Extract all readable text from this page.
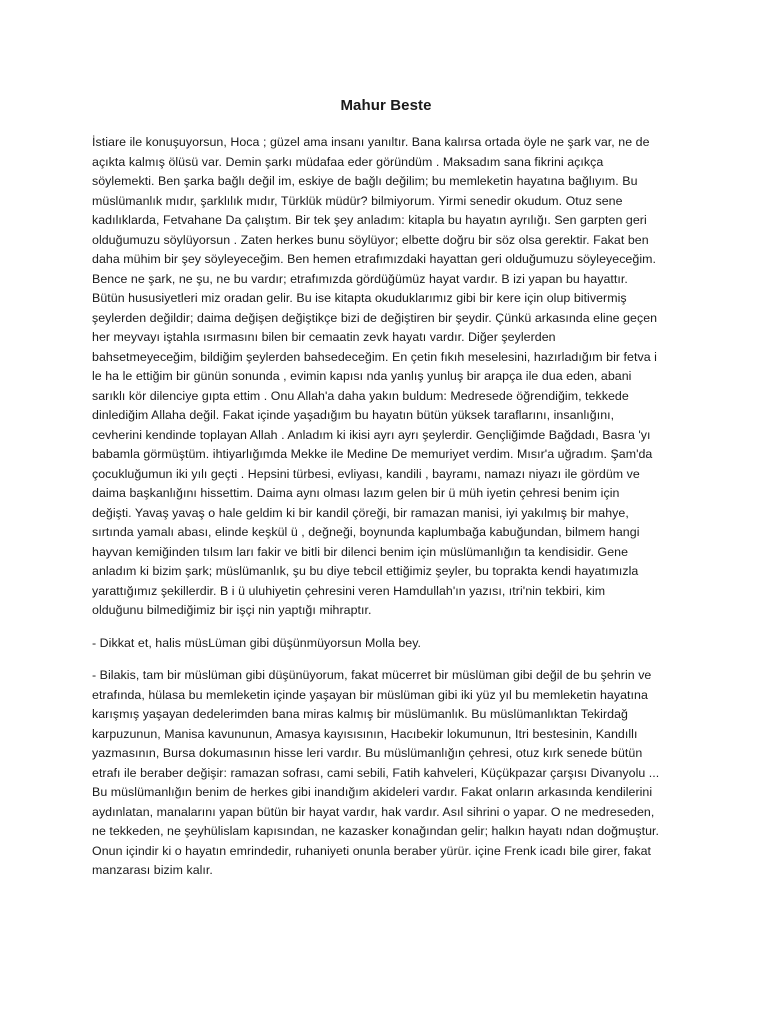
Mahur Beste

İstiare ile konuşuyorsun, Hoca ; güzel ama insanı yanıltır. Bana kalırsa ortada öyle ne şark var, ne de
açıkta kalmış ölüsü var. Demin şarkı müdafaa eder göründüm . Maksadım sana fikrini açıkça
söylemekti. Ben şarka bağlı değil im, eskiye de bağlı değilim; bu memleketin hayatına bağlıyım. Bu
müslümanlık mıdır, şarklılık mıdır, Türklük müdür? bilmiyorum. Yirmi senedir okudum. Otuz sene
kadılıklarda, Fetvahane Da çalıştım. Bir tek şey anladım: kitapla bu hayatın ayrılığı. Sen garpten geri
olduğumuzu söylüyorsun . Zaten herkes bunu söylüyor; elbette doğru bir söz olsa gerektir. Fakat ben
daha mühim bir şey söyleyeceğim. Ben hemen etrafımızdaki hayattan geri olduğumuzu söyleyeceğim.
Bence ne şark, ne şu, ne bu vardır; etrafımızda gördüğümüz hayat vardır. B izi yapan bu hayattır.
Bütün hususiyetleri miz oradan gelir. Bu ise kitapta okuduklarımız gibi bir kere için olup bitivermiş
şeylerden değildir; daima değişen değiştikçe bizi de değiştiren bir şeydir. Çünkü arkasında eline geçen
her meyvayı iştahla ısırmasını bilen bir cemaatin zevk hayatı vardır. Diğer şeylerden
bahsetmeyeceğim, bildiğim şeylerden bahsedeceğim. En çetin fıkıh meselesini, hazırladığım bir fetva i
le ha le ettiğim bir günün sonunda , evimin kapısı nda yanlış yunluş bir arapça ile dua eden, abani
sarıklı kör dilenciye gıpta ettim . Onu Allah'a daha yakın buldum: Medresede öğrendiğim, tekkede
dinlediğim Allaha değil. Fakat içinde yaşadığım bu hayatın bütün yüksek taraflarını, insanlığını,
cevherini kendinde toplayan Allah . Anladım ki ikisi ayrı ayrı şeylerdir. Gençliğimde Bağdadı, Basra 'yı
babamla görmüştüm. ihtiyarlığımda Mekke ile Medine De memuriyet verdim. Mısır'a uğradım. Şam'da
çocukluğumun iki yılı geçti . Hepsini türbesi, evliyası, kandili , bayramı, namazı niyazı ile gördüm ve
daima başkanlığını hissettim. Daima aynı olması lazım gelen bir ü müh iyetin çehresi benim için
değişti. Yavaş yavaş o hale geldim ki bir kandil çöreği, bir ramazan manisi, iyi yakılmış bir mahye,
sırtında yamalı abası, elinde keşkül ü , değneği, boynunda kaplumbağa kabuğundan, bilmem hangi
hayvan kemiğinden tılsım ları fakir ve bitli bir dilenci benim için müslümanlığın ta kendisidir. Gene
anladım ki bizim şark; müslümanlık, şu bu diye tebcil ettiğimiz şeyler, bu toprakta kendi hayatımızla
yarattığımız şekillerdir. B i ü uluhiyetin çehresini veren Hamdullah'ın yazısı, ıtri'nin tekbiri, kim
olduğunu bilmediğimiz bir işçi nin yaptığı mihraptır.

- Dikkat et, halis müsLüman gibi düşünmüyorsun Molla bey.

- Bilakis, tam bir müslüman gibi düşünüyorum, fakat mücerret bir müslüman gibi değil de bu şehrin ve
etrafında, hülasa bu memleketin içinde yaşayan bir müslüman gibi iki yüz yıl bu memleketin hayatına
karışmış yaşayan dedelerimden bana miras kalmış bir müslümanlık. Bu müslümanlıktan Tekirdağ
karpuzunun, Manisa kavununun, Amasya kayısısının, Hacıbekir lokumunun, Itri bestesinin, Kandıllı
yazmasının, Bursa dokumasının hisse leri vardır. Bu müslümanlığın çehresi, otuz kırk senede bütün
etrafı ile beraber değişir: ramazan sofrası, cami sebili, Fatih kahveleri, Küçükpazar çarşısı Divanyolu ...
Bu müslümanlığın benim de herkes gibi inandığım akideleri vardır. Fakat onların arkasında kendilerini
aydınlatan, manalarını yapan bütün bir hayat vardır, hak vardır. Asıl sihrini o yapar. O ne medreseden,
ne tekkeden, ne şeyhülislam kapısından, ne kazasker konağından gelir; halkın hayatı ndan doğmuştur.
Onun içindir ki o hayatın emrindedir, ruhaniyeti onunla beraber yürür. içine Frenk icadı bile girer, fakat
manzarası bizim kalır.
